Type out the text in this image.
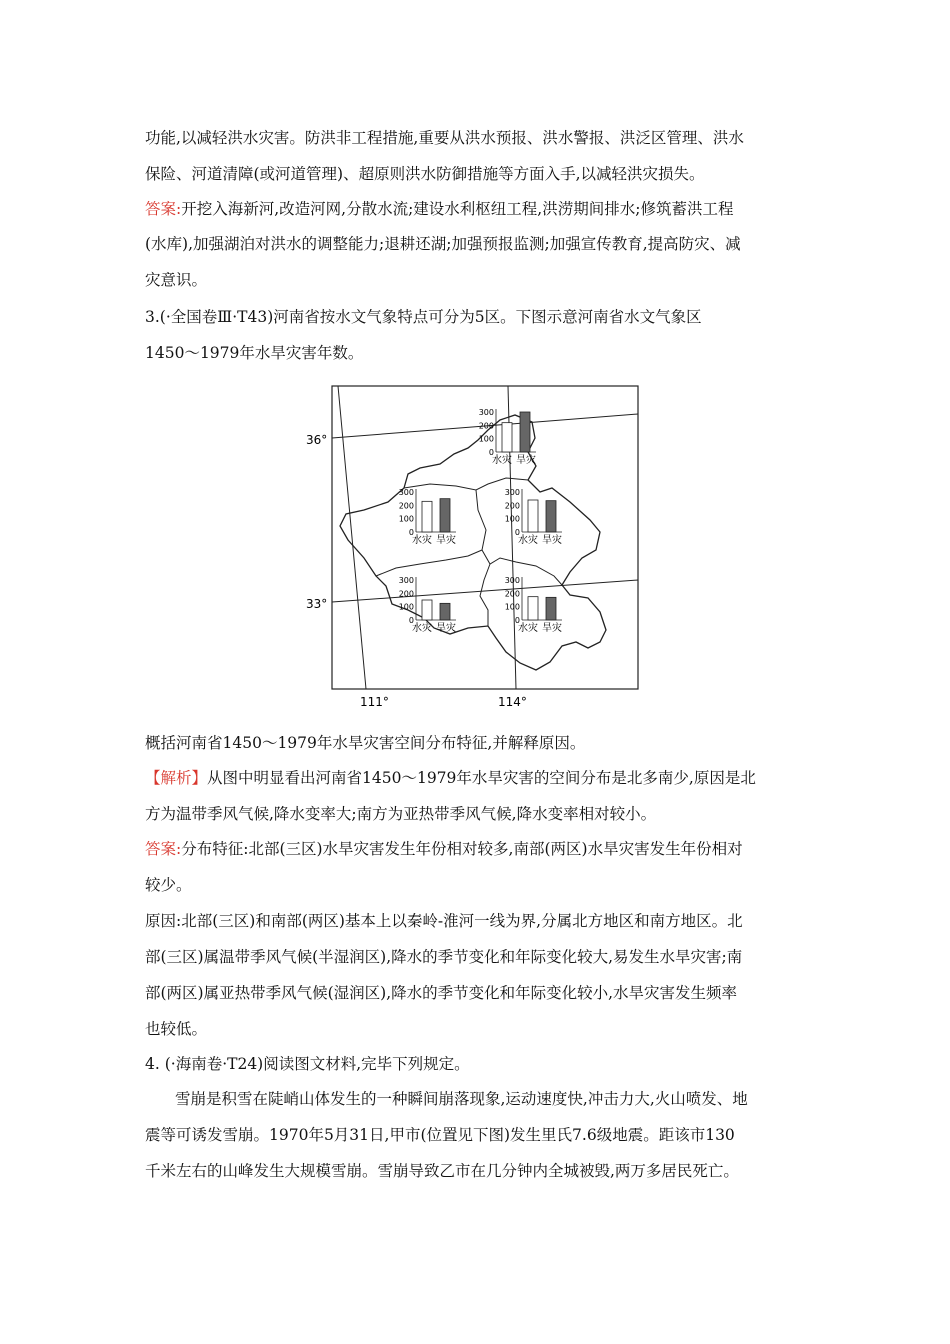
功能,以减轻洪水灾害。防洪非工程措施,重要从洪水预报、洪水警报、洪泛区管理、洪水
保险、河道清障(或河道管理)、超原则洪水防御措施等方面入手,以减轻洪灾损失。
答案:开挖入海新河,改造河网,分散水流;建设水利枢纽工程,洪涝期间排水;修筑蓄洪工程
(水库),加强湖泊对洪水的调整能力;退耕还湖;加强预报监测;加强宣传教育,提高防灾、减
灾意识。
3.(·全国卷Ⅲ·T43)河南省按水文气象特点可分为5区。下图示意河南省水文气象区
1450～1979年水旱灾害年数。
300
200
100
0
水灾 旱灾
300
200
100
0
水灾 旱灾
300
200
100
0
水灾 旱灾
300
200
100
0
水灾 旱灾
300
200
100
0
水灾 旱灾
36°
33°
111°	114°
概括河南省1450～1979年水旱灾害空间分布特征,并解释原因。
【解析】从图中明显看出河南省1450～1979年水旱灾害的空间分布是北多南少,原因是北
方为温带季风气候,降水变率大;南方为亚热带季风气候,降水变率相对较小。
答案:分布特征:北部(三区)水旱灾害发生年份相对较多,南部(两区)水旱灾害发生年份相对
较少。
原因:北部(三区)和南部(两区)基本上以秦岭-淮河一线为界,分属北方地区和南方地区。北
部(三区)属温带季风气候(半湿润区),降水的季节变化和年际变化较大,易发生水旱灾害;南
部(两区)属亚热带季风气候(湿润区),降水的季节变化和年际变化较小,水旱灾害发生频率
也较低。
4. (·海南卷·T24)阅读图文材料,完毕下列规定。
雪崩是积雪在陡峭山体发生的一种瞬间崩落现象,运动速度快,冲击力大,火山喷发、地
震等可诱发雪崩。1970年5月31日,甲市(位置见下图)发生里氏7.6级地震。距该市130
千米左右的山峰发生大规模雪崩。雪崩导致乙市在几分钟内全城被毁,两万多居民死亡。
